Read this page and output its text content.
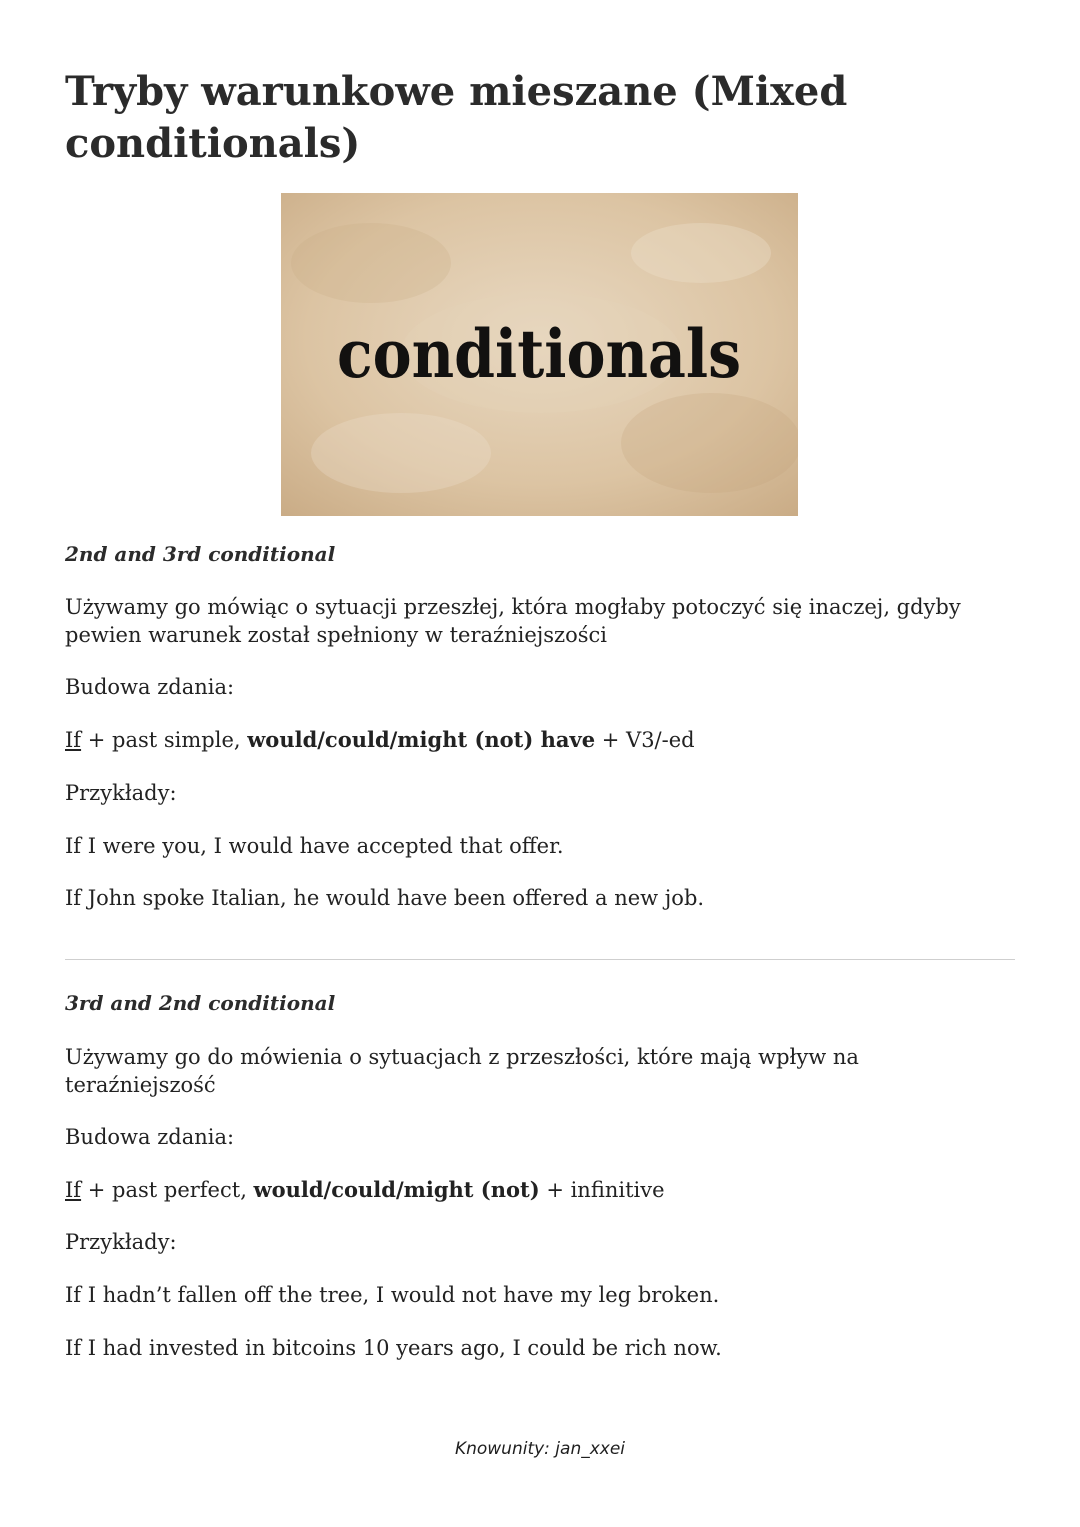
Tryby warunkowe mieszane (Mixed conditionals)
conditionals
2nd and 3rd conditional
Używamy go mówiąc o sytuacji przeszłej, która mogłaby potoczyć się inaczej, gdyby pewien warunek został spełniony w teraźniejszości
Budowa zdania:
If + past simple, would/could/might (not) have + V3/-ed
Przykłady:
If I were you, I would have accepted that offer.
If John spoke Italian, he would have been offered a new job.
3rd and 2nd conditional
Używamy go do mówienia o sytuacjach z przeszłości, które mają wpływ na teraźniejszość
Budowa zdania:
If + past perfect, would/could/might (not) + infinitive
Przykłady:
If I hadn’t fallen off the tree, I would not have my leg broken.
If I had invested in bitcoins 10 years ago, I could be rich now.
Knowunity: jan_xxei
